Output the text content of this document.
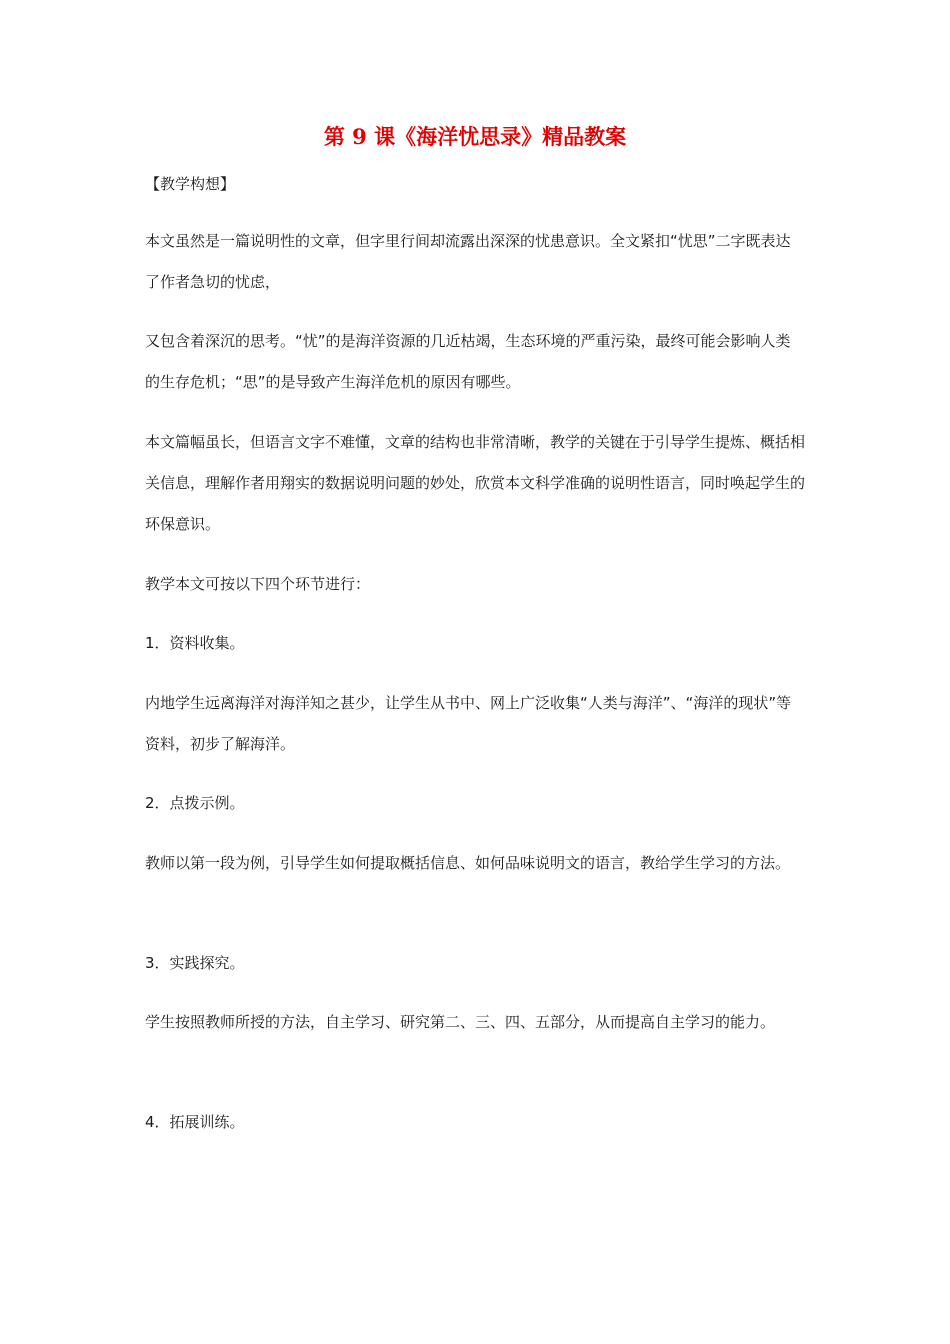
第 9 课《海洋忧思录》精品教案

【教学构想】

本文虽然是一篇说明性的文章，但字里行间却流露出深深的忧患意识。全文紧扣“忧思”二字既表达了作者急切的忧虑，

又包含着深沉的思考。“忧”的是海洋资源的几近枯竭，生态环境的严重污染，最终可能会影响人类的生存危机；“思”的是导致产生海洋危机的原因有哪些。

本文篇幅虽长，但语言文字不难懂，文章的结构也非常清晰，教学的关键在于引导学生提炼、概括相关信息，理解作者用翔实的数据说明问题的妙处，欣赏本文科学准确的说明性语言，同时唤起学生的环保意识。

教学本文可按以下四个环节进行：

1．资料收集。

内地学生远离海洋对海洋知之甚少，让学生从书中、网上广泛收集“人类与海洋”、“海洋的现状”等资料，初步了解海洋。

2．点拨示例。

教师以第一段为例，引导学生如何提取概括信息、如何品味说明文的语言，教给学生学习的方法。

3．实践探究。

学生按照教师所授的方法，自主学习、研究第二、三、四、五部分，从而提高自主学习的能力。

4．拓展训练。
